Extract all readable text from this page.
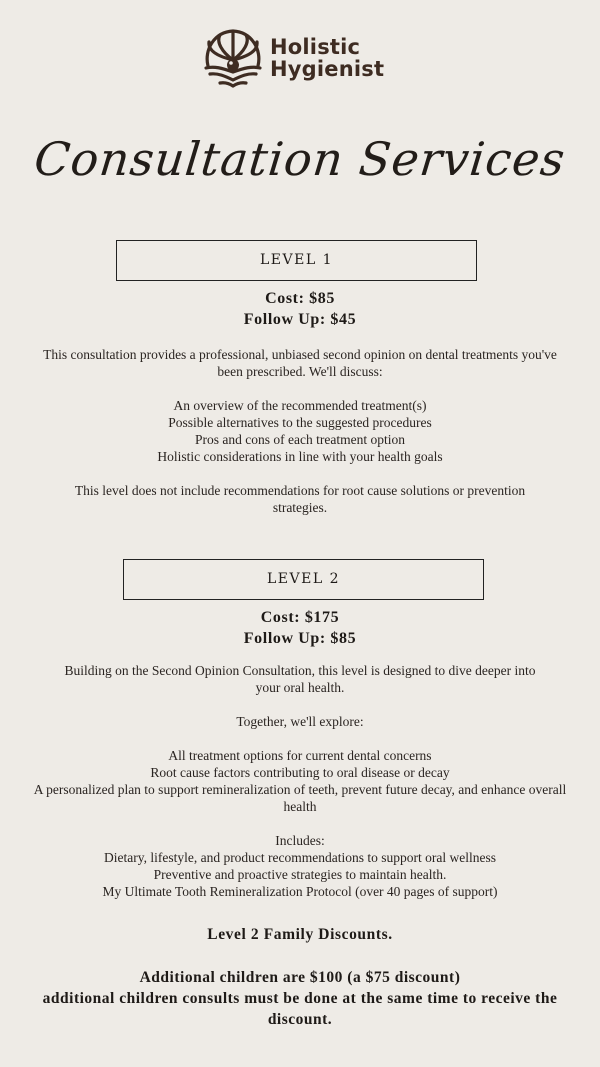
Holistic
Hygienist
Consultation Services
LEVEL 1

Cost: $85

Follow Up: $45

This consultation provides a professional, unbiased second opinion on dental treatments you've been prescribed. We'll discuss:

An overview of the recommended treatment(s)

Possible alternatives to the suggested procedures

Pros and cons of each treatment option

Holistic considerations in line with your health goals

This level does not include recommendations for root cause solutions or prevention strategies.

LEVEL 2

Cost: $175

Follow Up: $85

Building on the Second Opinion Consultation, this level is designed to dive deeper into your oral health.

Together, we'll explore:

All treatment options for current dental concerns

Root cause factors contributing to oral disease or decay

A personalized plan to support remineralization of teeth, prevent future decay, and enhance overall health

Includes:

Dietary, lifestyle, and product recommendations to support oral wellness

Preventive and proactive strategies to maintain health.

My Ultimate Tooth Remineralization Protocol (over 40 pages of support)

Level 2 Family Discounts.

Additional children are $100 (a $75 discount)

additional children consults must be done at the same time to receive the discount.
